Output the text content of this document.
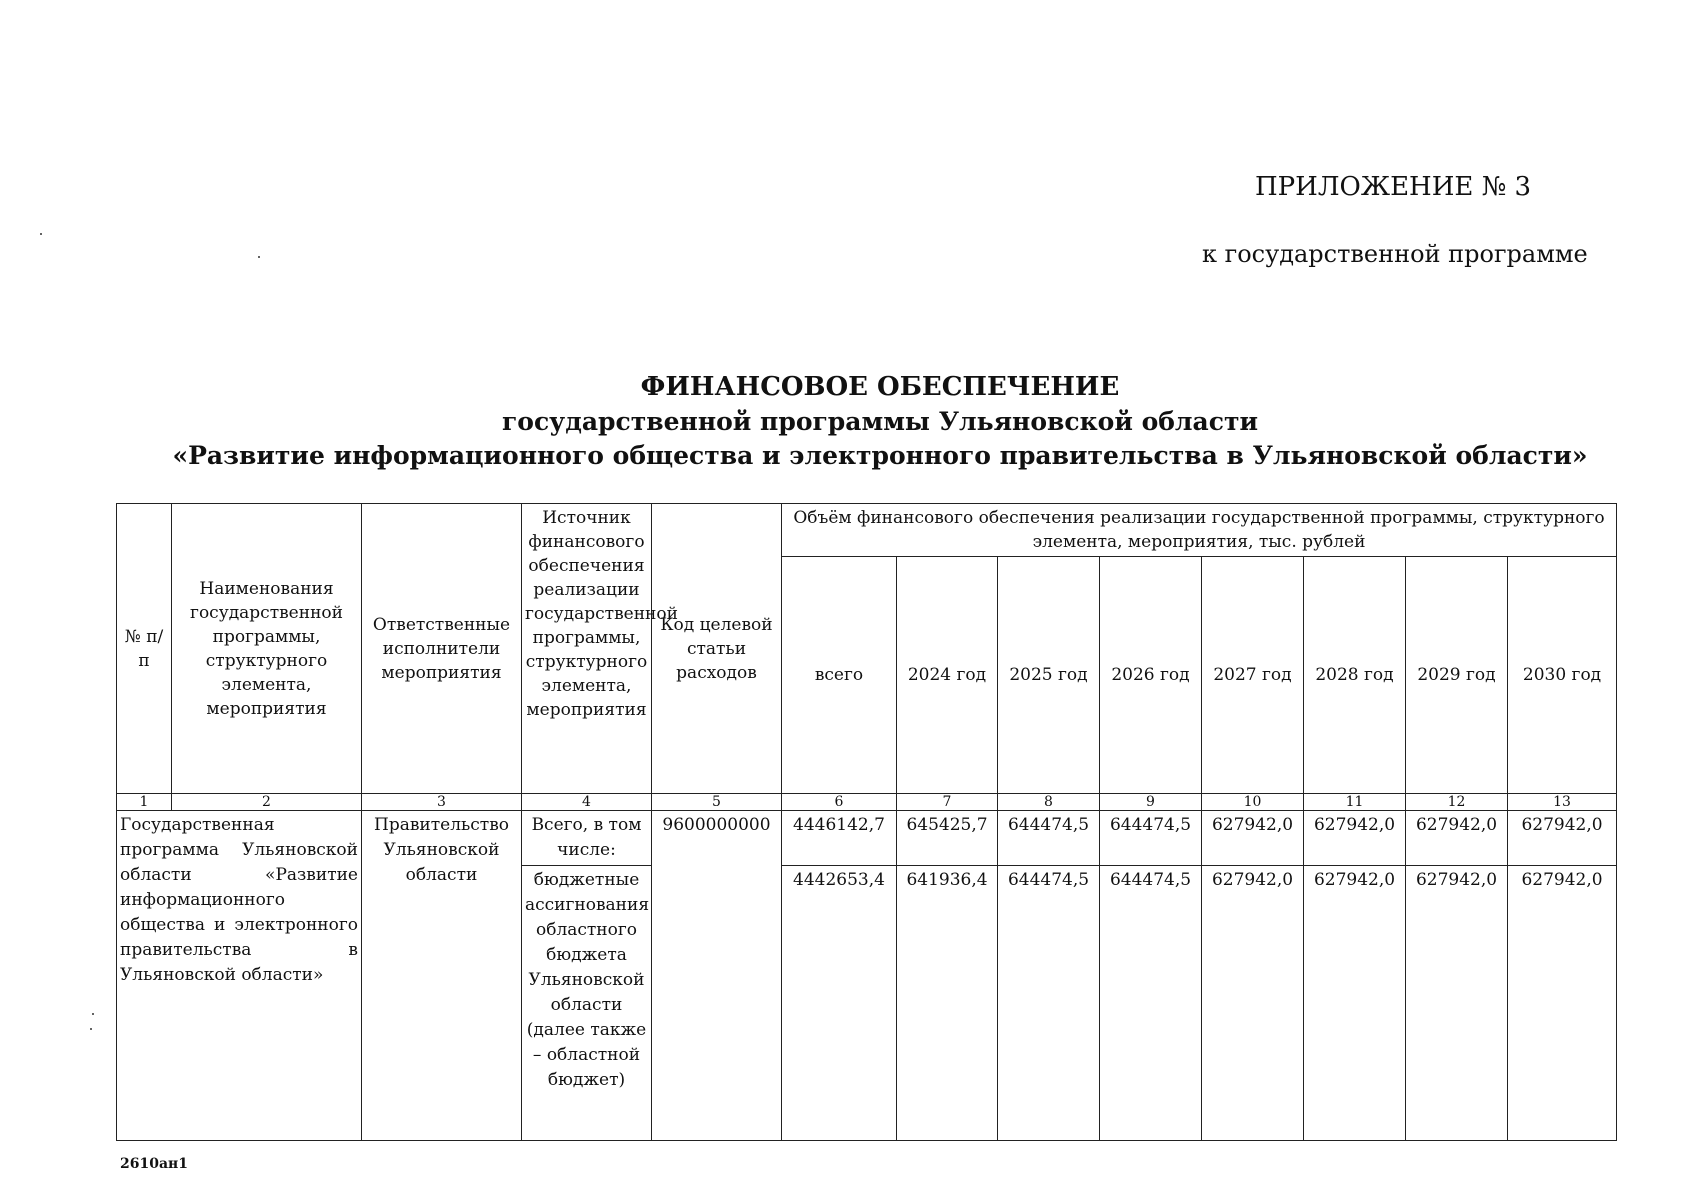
ПРИЛОЖЕНИЕ № 3
к государственной программе
ФИНАНСОВОЕ ОБЕСПЕЧЕНИЕ
государственной программы Ульяновской области
«Развитие информационного общества и электронного правительства в Ульяновской области»
№ п/п	Наименования государственной программы, структурного элемента, мероприятия	Ответственные исполнители мероприятия	Источник финансового обеспечения реализации государственной программы, структурного элемента, мероприятия	Код целевой статьи расходов	Объём финансового обеспечения реализации государственной программы, структурного элемента, мероприятия, тыс. рублей							
					всего	2024 год	2025 год	2026 год	2027 год	2028 год	2029 год	2030 год
1	2	3	4	5	6	7	8	9	10	11	12	13
Государственная программа Ульяновской области «Развитие информационного общества и электронного правительства в Ульяновской области»		Правительство Ульяновской области	Всего, в том числе:	9600000000	4446142,7	645425,7	644474,5	644474,5	627942,0	627942,0	627942,0	627942,0
			бюджетные ассигнования областного бюджета Ульяновской области (далее также – областной бюджет)		4442653,4	641936,4	644474,5	644474,5	627942,0	627942,0	627942,0	627942,0
2610ан1
